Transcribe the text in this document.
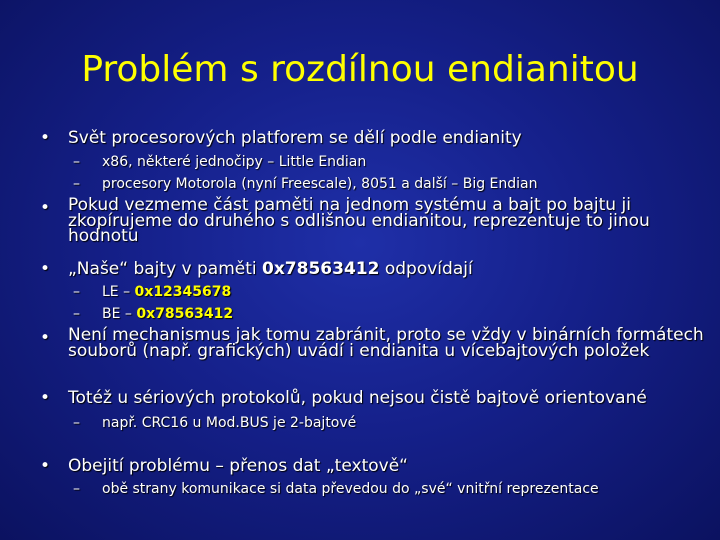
Problém s rozdílnou endianitou
• Svět procesorových platforem se dělí podle endianity
– x86, některé jednočipy – Little Endian
– procesory Motorola (nyní Freescale), 8051 a další – Big Endian
• Pokud vezmeme část paměti na jednom systému a bajt po bajtu ji zkopírujeme do druhého s odlišnou endianitou, reprezentuje to jinou hodnotu
• „Naše“ bajty v paměti 0x78563412 odpovídají
– LE – 0x12345678
– BE – 0x78563412
• Není mechanismus jak tomu zabránit, proto se vždy v binárních formátech souborů (např. grafických) uvádí i endianita u vícebajtových položek
• Totéž u sériových protokolů, pokud nejsou čistě bajtově orientované
– např. CRC16 u Mod.BUS je 2-bajtové
• Obejití problému – přenos dat „textově“
– obě strany komunikace si data převedou do „své“ vnitřní reprezentace
